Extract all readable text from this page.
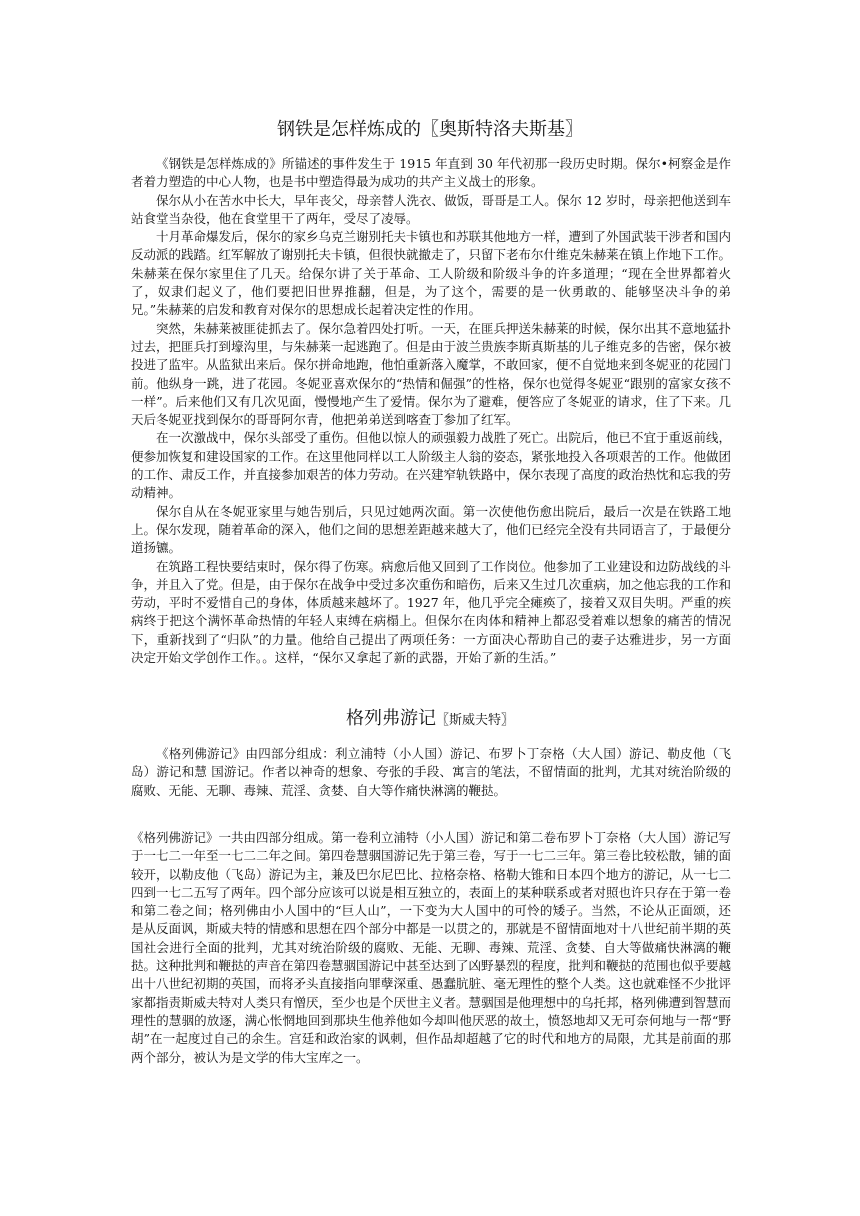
钢铁是怎样炼成的〖奥斯特洛夫斯基〗

《钢铁是怎样炼成的》所锚述的事件发生于 1915 年直到 30 年代初那一段历史时期。保尔•柯察金是作者着力塑造的中心人物，也是书中塑造得最为成功的共产主义战士的形象。

保尔从小在苦水中长大，早年丧父，母亲替人洗衣、做饭，哥哥是工人。保尔 12 岁时，母亲把他送到车站食堂当杂役，他在食堂里干了两年，受尽了凌辱。

十月革命爆发后，保尔的家乡乌克兰谢别托夫卡镇也和苏联其他地方一样，遭到了外国武装干涉者和国内反动派的践踏。红军解放了谢别托夫卡镇，但很快就撤走了，只留下老布尔什维克朱赫莱在镇上作地下工作。朱赫莱在保尔家里住了几天。给保尔讲了关于革命、工人阶级和阶级斗争的许多道理；“现在全世界都着火了，奴隶们起义了，他们要把旧世界推翻，但是，为了这个，需要的是一伙勇敢的、能够坚决斗争的弟兄。”朱赫莱的启发和教育对保尔的思想成长起着决定性的作用。

突然，朱赫莱被匪徒抓去了。保尔急着四处打听。一天，在匪兵押送朱赫莱的时候，保尔出其不意地猛扑过去，把匪兵打到壕沟里，与朱赫莱一起逃跑了。但是由于波兰贵族李斯真斯基的儿子维克多的告密，保尔被投进了监牢。从监狱出来后。保尔拼命地跑，他怕重新落入魔掌，不敢回家，便不自觉地来到冬妮亚的花园门前。他纵身一跳，进了花园。冬妮亚喜欢保尔的“热情和倔强”的性格，保尔也觉得冬妮亚“跟别的富家女孩不一样”。后来他们又有几次见面，慢慢地产生了爱情。保尔为了避难，便答应了冬妮亚的请求，住了下来。几天后冬妮亚找到保尔的哥哥阿尔青，他把弟弟送到喀查丁参加了红军。

在一次激战中，保尔头部受了重伤。但他以惊人的顽强毅力战胜了死亡。出院后，他已不宜于重返前线，便参加恢复和建设国家的工作。在这里他同样以工人阶级主人翁的姿态，紧张地投入各项艰苦的工作。他做团的工作、肃反工作，并直接参加艰苦的体力劳动。在兴建窄轨铁路中，保尔表现了高度的政治热忱和忘我的劳动精神。

保尔自从在冬妮亚家里与她告别后，只见过她两次面。第一次使他伤愈出院后，最后一次是在铁路工地上。保尔发现，随着革命的深入，他们之间的思想差距越来越大了，他们已经完全没有共同语言了，于最便分道扬镳。

在筑路工程快要结束时，保尔得了伤寒。病愈后他又回到了工作岗位。他参加了工业建设和边防战线的斗争，并且入了党。但是，由于保尔在战争中受过多次重伤和暗伤，后来又生过几次重病，加之他忘我的工作和劳动，平时不爱惜自己的身体，体质越来越坏了。1927 年，他几乎完全瘫痪了，接着又双目失明。严重的疾病终于把这个满怀革命热情的年轻人束缚在病榻上。但保尔在肉体和精神上都忍受着难以想象的痛苦的情况下，重新找到了“归队”的力量。他给自己提出了两项任务：一方面决心帮助自己的妻子达雅进步，另一方面决定开始文学创作工作。。这样，“保尔又拿起了新的武器，开始了新的生活。”

格列弗游记〖斯威夫特〗

《格列佛游记》由四部分组成：利立浦特（小人国）游记、布罗卜丁奈格（大人国）游记、勒皮他（飞岛）游记和慧 国游记。作者以神奇的想象、夸张的手段、寓言的笔法，不留情面的批判，尤其对统治阶级的腐败、无能、无聊、毒辣、荒淫、贪婪、自大等作痛快淋漓的鞭挞。

《格列佛游记》一共由四部分组成。第一卷利立浦特（小人国）游记和第二卷布罗卜丁奈格（大人国）游记写于一七二一年至一七二二年之间。第四卷慧骃国游记先于第三卷，写于一七二三年。第三卷比较松散，铺的面较开，以勒皮他（飞岛）游记为主，兼及巴尔尼巴比、拉格奈格、格勒大锥和日本四个地方的游记，从一七二四到一七二五写了两年。四个部分应该可以说是相互独立的，表面上的某种联系或者对照也许只存在于第一卷和第二卷之间；格列佛由小人国中的“巨人山”，一下变为大人国中的可怜的矮子。当然，不论从正面颂，还是从反面讽，斯威夫特的情感和思想在四个部分中都是一以贯之的，那就是不留情面地对十八世纪前半期的英国社会进行全面的批判，尤其对统治阶级的腐败、无能、无聊、毒辣、荒淫、贪婪、自大等做痛快淋漓的鞭挞。这种批判和鞭挞的声音在第四卷慧骃国游记中甚至达到了凶野暴烈的程度，批判和鞭挞的范围也似乎要越出十八世纪初期的英国，而将矛头直接指向罪孽深重、愚蠢肮脏、毫无理性的整个人类。这也就难怪不少批评家都指责斯威夫特对人类只有憎厌，至少也是个厌世主义者。慧骃国是他理想中的乌托邦，格列佛遭到智慧而理性的慧骃的放逐，满心怅惘地回到那块生他养他如今却叫他厌恶的故土，愤怒地却又无可奈何地与一帮“野胡”在一起度过自己的余生。宫廷和政治家的讽刺，但作品却超越了它的时代和地方的局限，尤其是前面的那两个部分，被认为是文学的伟大宝库之一。
